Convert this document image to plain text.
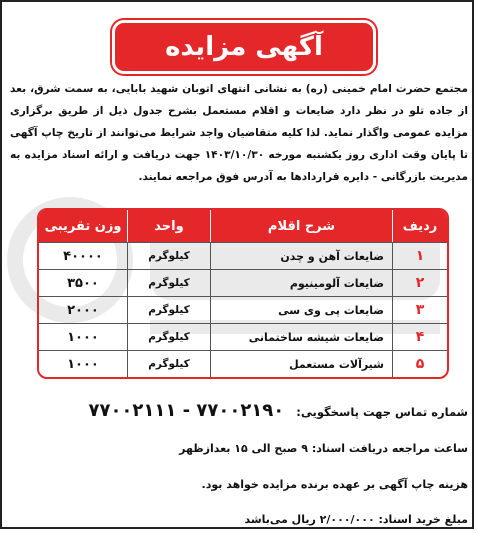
آگهی مزایده

مجتمع حضرت امام خمینی (ره) به نشانی انتهای اتوبان شهید بابایی، به سمت شرق، بعد از جاده تلو در نظر دارد ضایعات و اقلام مستعمل بشرح جدول ذیل از طریق برگزاری مزایده عمومی واگذار نماید. لذا کلیه متقاضیان واجد شرایط می‌توانند از تاریخ چاپ آگهی تا پایان وقت اداری روز یکشنبه مورخه ۱۴۰۳/۱۰/۳۰ جهت دریافت و ارائه اسناد مزایده به مدیریت بازرگانی - دایره قراردادها به آدرس فوق مراجعه نمایند.

ردیف	شرح اقلام	واحد	وزن تقریبی
۱	ضایعات آهن و چدن	کیلوگرم	۴۰۰۰۰
۲	ضایعات آلومینیوم	کیلوگرم	۳۵۰۰
۳	ضایعات پی وی سی	کیلوگرم	۲۰۰۰
۴	ضایعات شیشه ساختمانی	کیلوگرم	۱۰۰۰
۵	شیرآلات مستعمل	کیلوگرم	۱۰۰۰

شماره تماس جهت پاسخگویی: ۷۷۰۰۲۱۹۰ - ۷۷۰۰۲۱۱۱

ساعت مراجعه دریافت اسناد: ۹ صبح الی ۱۵ بعدازظهر

هزینه چاپ آگهی بر عهده برنده مزایده خواهد بود.

مبلغ خرید اسناد: ۲/۰۰۰/۰۰۰ ریال می‌باشد
